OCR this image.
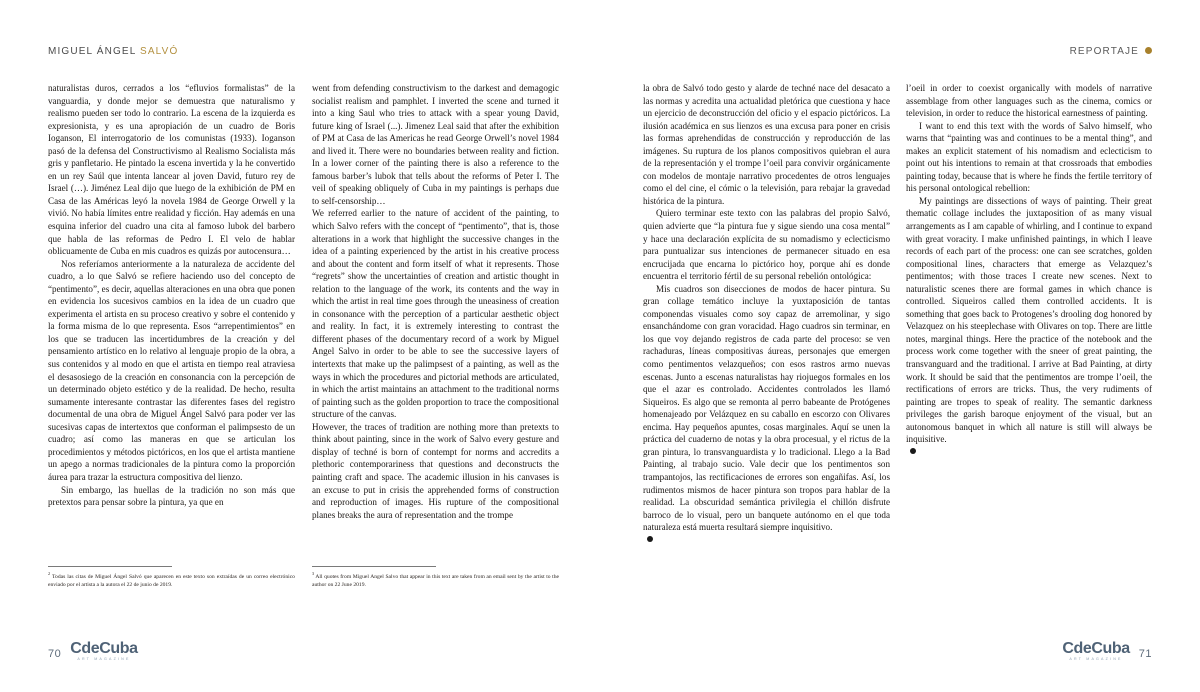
MIGUEL ÁNGEL SALVÓ	REPORTAJE

naturalistas duros, cerrados a los “efluvios formalistas” de la vanguardia, y donde mejor se demuestra que naturalismo y realismo pueden ser todo lo contrario. La escena de la izquierda es expresionista, y es una apropiación de un cuadro de Boris Ioganson, El interrogatorio de los comunistas (1933). Ioganson pasó de la defensa del Constructivismo al Realismo Socialista más gris y panfletario. He pintado la escena invertida y la he convertido en un rey Saúl que intenta lancear al joven David, futuro rey de Israel (…). Jiménez Leal dijo que luego de la exhibición de PM en Casa de las Américas leyó la novela 1984 de George Orwell y la vivió. No había límites entre realidad y ficción. Hay además en una esquina inferior del cuadro una cita al famoso lubok del barbero que habla de las reformas de Pedro I. El velo de hablar oblicuamente de Cuba en mis cuadros es quizás por autocensura…

Nos referíamos anteriormente a la naturaleza de accidente del cuadro, a lo que Salvó se refiere haciendo uso del concepto de “pentimento”, es decir, aquellas alteraciones en una obra que ponen en evidencia los sucesivos cambios en la idea de un cuadro que experimenta el artista en su proceso creativo y sobre el contenido y la forma misma de lo que representa. Esos “arrepentimientos” en los que se traducen las incertidumbres de la creación y del pensamiento artístico en lo relativo al lenguaje propio de la obra, a sus contenidos y al modo en que el artista en tiempo real atraviesa el desasosiego de la creación en consonancia con la percepción de un determinado objeto estético y de la realidad. De hecho, resulta sumamente interesante contrastar las diferentes fases del registro documental de una obra de Miguel Ángel Salvó para poder ver las sucesivas capas de intertextos que conforman el palimpsesto de un cuadro; así como las maneras en que se articulan los procedimientos y métodos pictóricos, en los que el artista mantiene un apego a normas tradicionales de la pintura como la proporción áurea para trazar la estructura compositiva del lienzo.

Sin embargo, las huellas de la tradición no son más que pretextos para pensar sobre la pintura, ya que en

went from defending constructivism to the darkest and demagogic socialist realism and pamphlet. I inverted the scene and turned it into a king Saul who tries to attack with a spear young David, future king of Israel (...). Jimenez Leal said that after the exhibition of PM at Casa de las Americas he read George Orwell’s novel 1984 and lived it. There were no boundaries between reality and fiction. In a lower corner of the painting there is also a reference to the famous barber’s lubok that tells about the reforms of Peter I. The veil of speaking obliquely of Cuba in my paintings is perhaps due to self-censorship…

We referred earlier to the nature of accident of the painting, to which Salvo refers with the concept of “pentimento”, that is, those alterations in a work that highlight the successive changes in the idea of a painting experienced by the artist in his creative process and about the content and form itself of what it represents. Those “regrets” show the uncertainties of creation and artistic thought in relation to the language of the work, its contents and the way in which the artist in real time goes through the uneasiness of creation in consonance with the perception of a particular aesthetic object and reality. In fact, it is extremely interesting to contrast the different phases of the documentary record of a work by Miguel Angel Salvo in order to be able to see the successive layers of intertexts that make up the palimpsest of a painting, as well as the ways in which the procedures and pictorial methods are articulated, in which the artist maintains an attachment to the traditional norms of painting such as the golden proportion to trace the compositional structure of the canvas.

However, the traces of tradition are nothing more than pretexts to think about painting, since in the work of Salvo every gesture and display of techné is born of contempt for norms and accredits a plethoric contemporariness that questions and deconstructs the painting craft and space. The academic illusion in his canvases is an excuse to put in crisis the apprehended forms of construction and reproduction of images. His rupture of the compositional planes breaks the aura of representation and the trompe

la obra de Salvó todo gesto y alarde de techné nace del desacato a las normas y acredita una actualidad pletórica que cuestiona y hace un ejercicio de deconstrucción del oficio y el espacio pictóricos. La ilusión académica en sus lienzos es una excusa para poner en crisis las formas aprehendidas de construcción y reproducción de las imágenes. Su ruptura de los planos compositivos quiebran el aura de la representación y el trompe l’oeil para convivir orgánicamente con modelos de montaje narrativo procedentes de otros lenguajes como el del cine, el cómic o la televisión, para rebajar la gravedad histórica de la pintura.

Quiero terminar este texto con las palabras del propio Salvó, quien advierte que “la pintura fue y sigue siendo una cosa mental” y hace una declaración explícita de su nomadismo y eclecticismo para puntualizar sus intenciones de permanecer situado en esa encrucijada que encarna lo pictórico hoy, porque ahí es donde encuentra el territorio fértil de su personal rebelión ontológica:

Mis cuadros son disecciones de modos de hacer pintura. Su gran collage temático incluye la yuxtaposición de tantas componendas visuales como soy capaz de arremolinar, y sigo ensanchándome con gran voracidad. Hago cuadros sin terminar, en los que voy dejando registros de cada parte del proceso: se ven rachaduras, líneas compositivas áureas, personajes que emergen como pentimentos velazqueños; con esos rastros armo nuevas escenas. Junto a escenas naturalistas hay riojuegos formales en los que el azar es controlado. Accidentes controlados les llamó Siqueiros. Es algo que se remonta al perro babeante de Protógenes homenajeado por Velázquez en su caballo en escorzo con Olivares encima. Hay pequeños apuntes, cosas marginales. Aquí se unen la práctica del cuaderno de notas y la obra procesual, y el rictus de la gran pintura, lo transvanguardista y lo tradicional. Llego a la Bad Painting, al trabajo sucio. Vale decir que los pentimentos son trampantojos, las rectificaciones de errores son engañifas. Así, los rudimentos mismos de hacer pintura son tropos para hablar de la realidad. La obscuridad semántica privilegia el chillón disfrute barroco de lo visual, pero un banquete autónomo en el que toda naturaleza está muerta resultará siempre inquisitivo.

l’oeil in order to coexist organically with models of narrative assemblage from other languages such as the cinema, comics or television, in order to reduce the historical earnestness of painting.

I want to end this text with the words of Salvo himself, who warns that “painting was and continues to be a mental thing”, and makes an explicit statement of his nomadism and eclecticism to point out his intentions to remain at that crossroads that embodies painting today, because that is where he finds the fertile territory of his personal ontological rebellion:

My paintings are dissections of ways of painting. Their great thematic collage includes the juxtaposition of as many visual arrangements as I am capable of whirling, and I continue to expand with great voracity. I make unfinished paintings, in which I leave records of each part of the process: one can see scratches, golden compositional lines, characters that emerge as Velazquez’s pentimentos; with those traces I create new scenes. Next to naturalistic scenes there are formal games in which chance is controlled. Siqueiros called them controlled accidents. It is something that goes back to Protogenes’s drooling dog honored by Velazquez on his steeplechase with Olivares on top. There are little notes, marginal things. Here the practice of the notebook and the process work come together with the sneer of great painting, the transvanguard and the traditional. I arrive at Bad Painting, at dirty work. It should be said that the pentimentos are trompe l’oeil, the rectifications of errors are tricks. Thus, the very rudiments of painting are tropes to speak of reality. The semantic darkness privileges the garish baroque enjoyment of the visual, but an autonomous banquet in which all nature is still will always be inquisitive.

$^2$ Todas las citas de Miguel Ángel Salvó que aparecen en este texto son extraídas de un correo electrónico enviado por el artista a la autora el 22 de junio de 2019.
$^3$ All quotes from Miguel Angel Salvo that appear in this text are taken from an email sent by the artist to the author on 22 June 2019.
70 CdeCuba
ART MAGAZINE
CdeCuba
ART MAGAZINE	71
